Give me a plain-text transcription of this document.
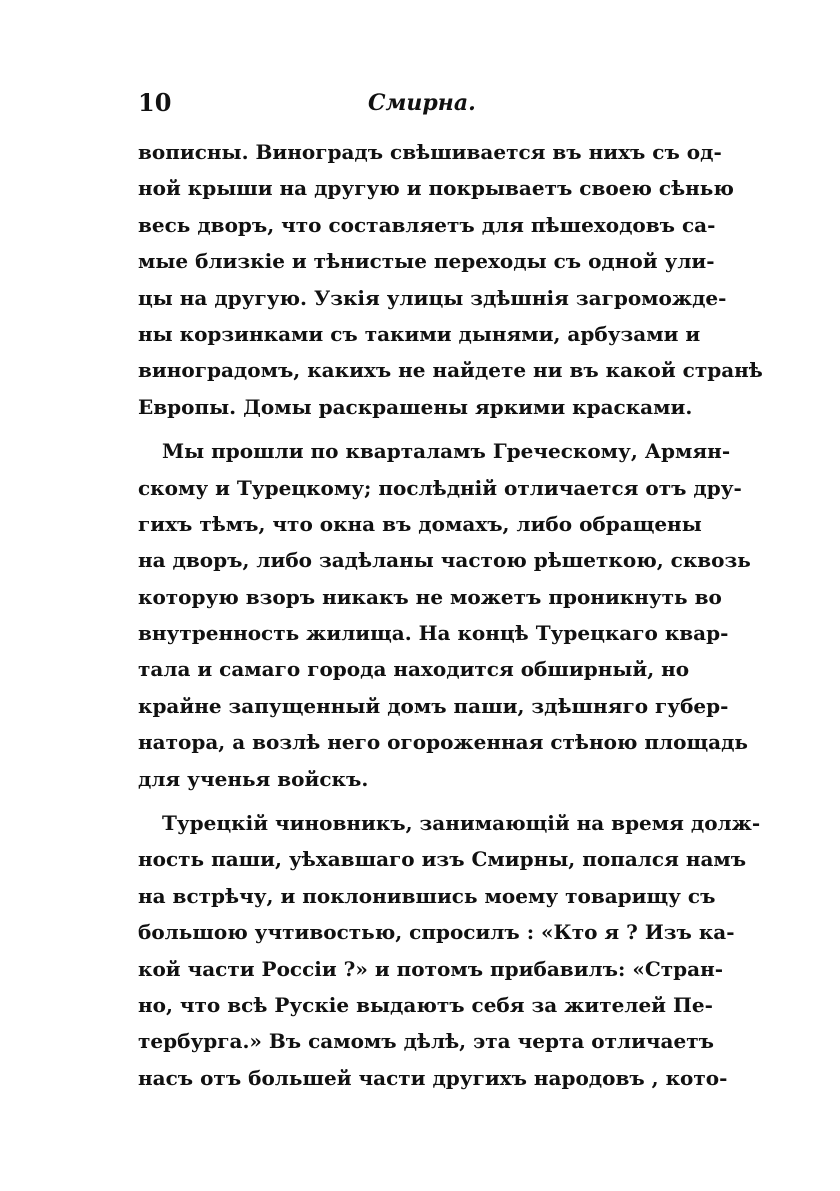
10	Смирна.
вописны. Виноградъ свѣшивается въ нихъ съ од-
ной крыши на другую и покрываетъ своею сѣнью
весь дворъ, что составляетъ для пѣшеходовъ са-
мые близкіе и тѣнистые переходы съ одной ули-
цы на другую. Узкія улицы здѣшнія загроможде-
ны корзинками съ такими дынями, арбузами и
виноградомъ, какихъ не найдете ни въ какой странѣ
Европы. Домы раскрашены яркими красками.
Мы прошли по кварталамъ Греческому, Армян-
скому и Турецкому; послѣдній отличается отъ дру-
гихъ тѣмъ, что окна въ домахъ, либо обращены
на дворъ, либо задѣланы частою рѣшеткою, сквозь
которую взоръ никакъ не можетъ проникнуть во
внутренность жилища. На концѣ Турецкаго квар-
тала и самаго города находится обширный, но
крайне запущенный домъ паши, здѣшняго губер-
натора, а возлѣ него огороженная стѣною площадь
для ученья войскъ.
Турецкій чиновникъ, занимающій на время долж-
ность паши, уѣхавшаго изъ Смирны, попался намъ
на встрѣчу, и поклонившись моему товарищу съ
большою учтивостью, спросилъ : «Кто я ? Изъ ка-
кой части Россіи ?» и потомъ прибавилъ: «Стран-
но, что всѣ Рускіе выдаютъ себя за жителей Пе-
тербурга.» Въ самомъ дѣлѣ, эта черта отличаетъ
насъ отъ большей части другихъ народовъ , кото-
